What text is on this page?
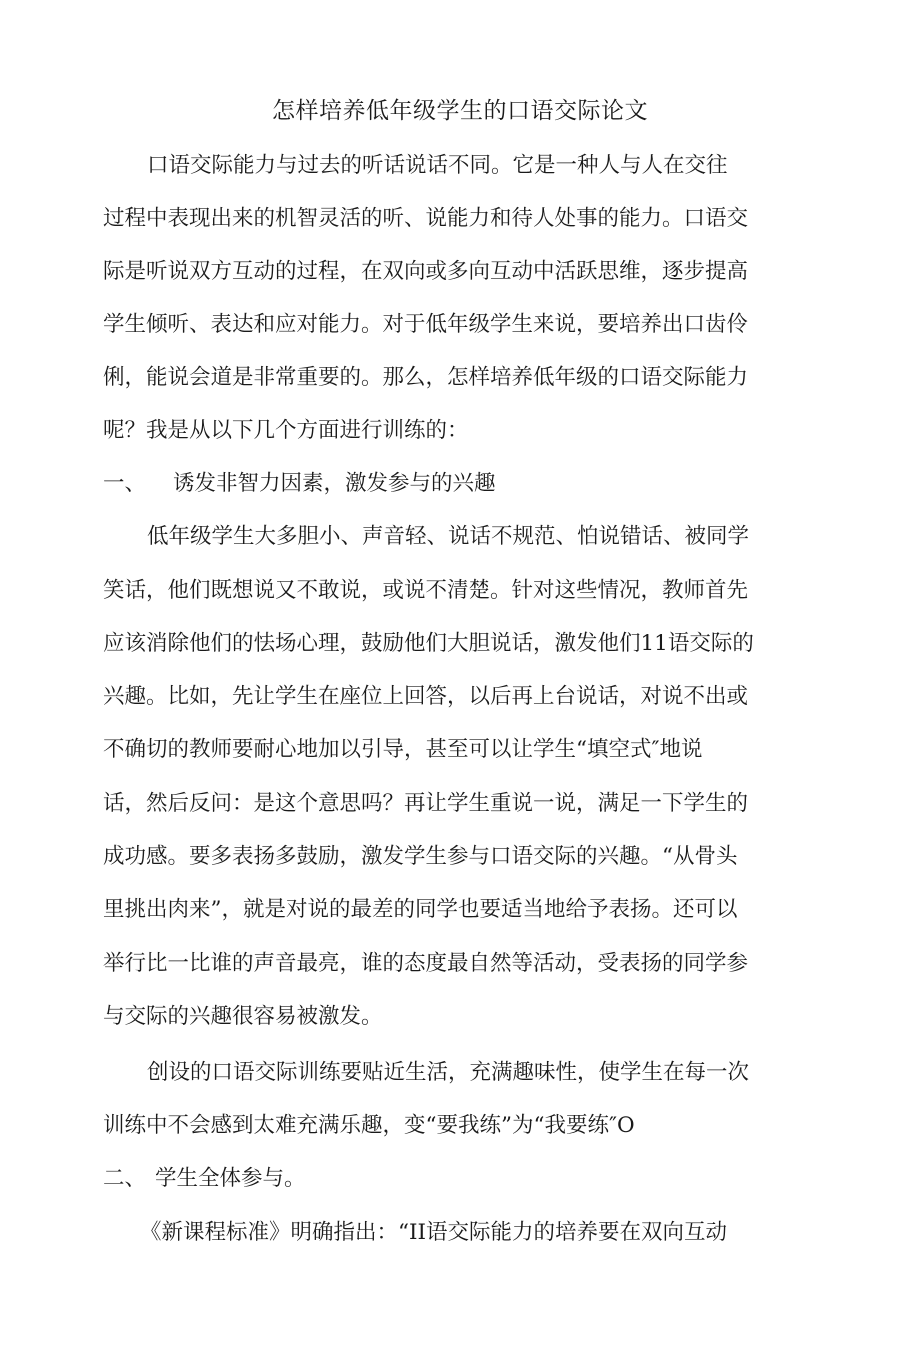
怎样培养低年级学生的口语交际论文
口语交际能力与过去的听话说话不同。它是一种人与人在交往
过程中表现出来的机智灵活的听、说能力和待人处事的能力。口语交
际是听说双方互动的过程，在双向或多向互动中活跃思维，逐步提高
学生倾听、表达和应对能力。对于低年级学生来说，要培养出口齿伶
俐，能说会道是非常重要的。那么，怎样培养低年级的口语交际能力
呢？我是从以下几个方面进行训练的：
一、 诱发非智力因素，激发参与的兴趣
低年级学生大多胆小、声音轻、说话不规范、怕说错话、被同学
笑话，他们既想说又不敢说，或说不清楚。针对这些情况，教师首先
应该消除他们的怯场心理，鼓励他们大胆说话，激发他们11语交际的
兴趣。比如，先让学生在座位上回答，以后再上台说话，对说不出或
不确切的教师要耐心地加以引导，甚至可以让学生“填空式″地说
话，然后反问：是这个意思吗？再让学生重说一说，满足一下学生的
成功感。要多表扬多鼓励，激发学生参与口语交际的兴趣。“从骨头
里挑出肉来”，就是对说的最差的同学也要适当地给予表扬。还可以
举行比一比谁的声音最亮，谁的态度最自然等活动，受表扬的同学参
与交际的兴趣很容易被激发。
创设的口语交际训练要贴近生活，充满趣味性，使学生在每一次
训练中不会感到太难充满乐趣，变“要我练”为“我要练″O
二、 学生全体参与。
《新课程标准》明确指出：“II语交际能力的培养要在双向互动
